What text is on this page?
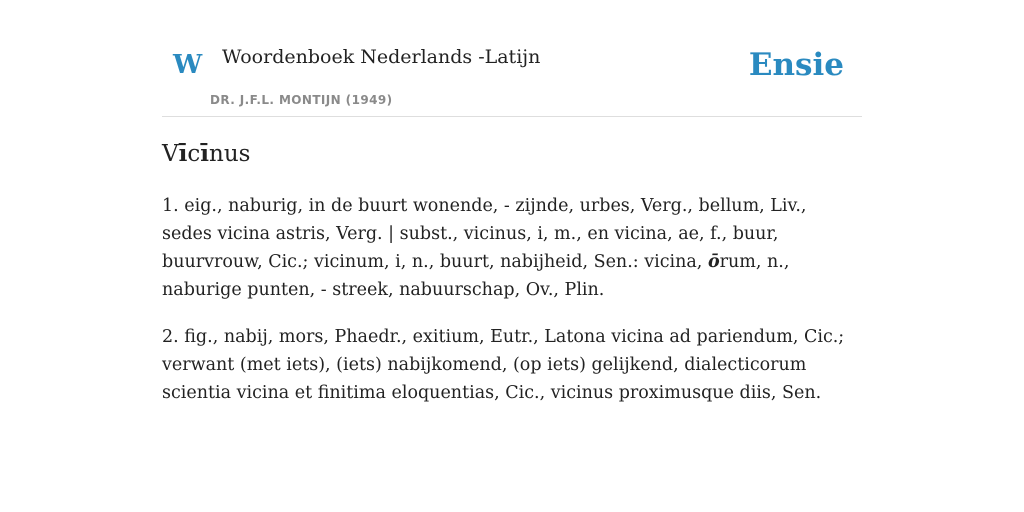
W Woordenboek Nederlands -Latijn
DR. J.F.L. MONTIJN (1949)
Ensie
Vīcīnus

1. eig., naburig, in de buurt wonende, - zijnde, urbes, Verg., bellum, Liv., sedes vicina astris, Verg. | subst., vicinus, i, m., en vicina, ae, f., buur, buurvrouw, Cic.; vicinum, i, n., buurt, nabijheid, Sen.: vicina, ōrum, n., naburige punten, - streek, nabuurschap, Ov., Plin.

2. fig., nabij, mors, Phaedr., exitium, Eutr., Latona vicina ad pariendum, Cic.; verwant (met iets), (iets) nabijkomend, (op iets) gelijkend, dialecticorum scientia vicina et finitima eloquentias, Cic., vicinus proximusque diis, Sen.
